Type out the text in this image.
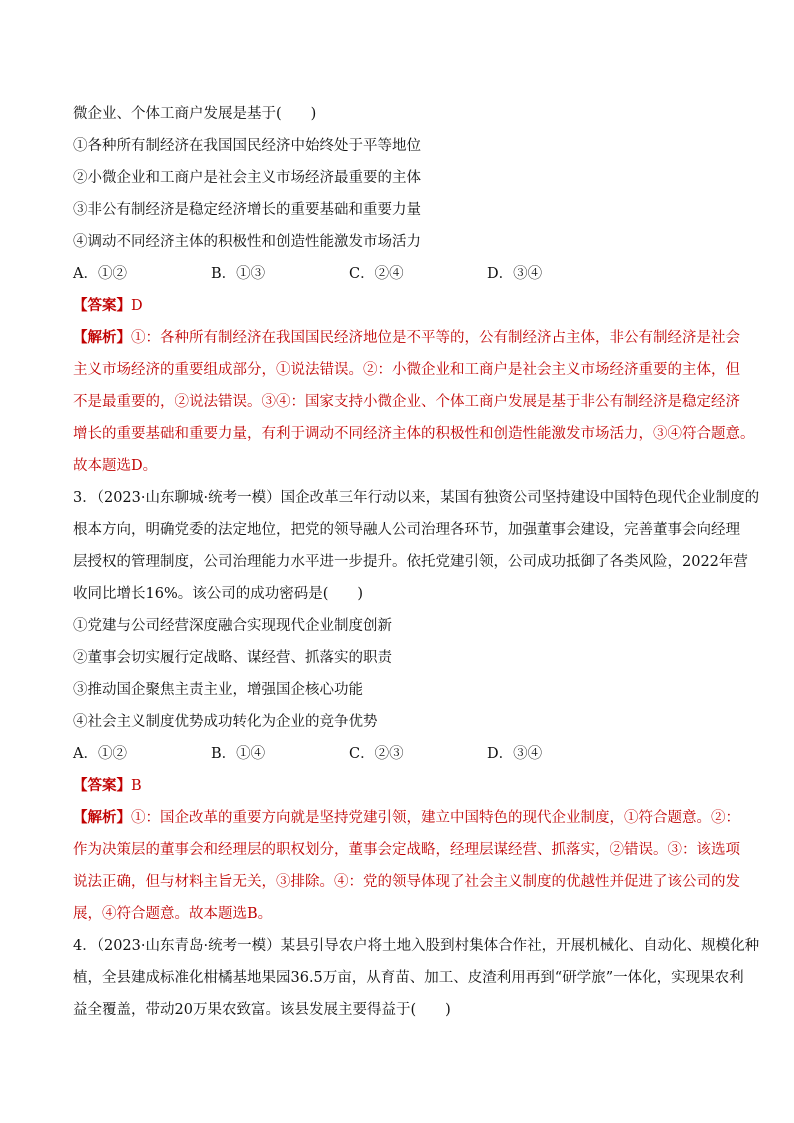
微企业、个体工商户发展是基于(　　)
①各种所有制经济在我国国民经济中始终处于平等地位
②小微企业和工商户是社会主义市场经济最重要的主体
③非公有制经济是稳定经济增长的重要基础和重要力量
④调动不同经济主体的积极性和创造性能激发市场活力
A．①②	B．①③	C．②④	D．③④
【答案】D
【解析】①：各种所有制经济在我国国民经济地位是不平等的，公有制经济占主体，非公有制经济是社会
主义市场经济的重要组成部分，①说法错误。②：小微企业和工商户是社会主义市场经济重要的主体，但
不是最重要的，②说法错误。③④：国家支持小微企业、个体工商户发展是基于非公有制经济是稳定经济
增长的重要基础和重要力量，有利于调动不同经济主体的积极性和创造性能激发市场活力，③④符合题意。
故本题选D。
3．（2023·山东聊城·统考一模）国企改革三年行动以来，某国有独资公司坚持建设中国特色现代企业制度的
根本方向，明确党委的法定地位，把党的领导融人公司治理各环节，加强董事会建设，完善董事会向经理
层授权的管理制度，公司治理能力水平进一步提升。依托党建引领，公司成功抵御了各类风险，2022年营
收同比增长16%。该公司的成功密码是(　　)
①党建与公司经营深度融合实现现代企业制度创新
②董事会切实履行定战略、谋经营、抓落实的职责
③推动国企聚焦主责主业，增强国企核心功能
④社会主义制度优势成功转化为企业的竞争优势
A．①②	B．①④	C．②③	D．③④
【答案】B
【解析】①：国企改革的重要方向就是坚持党建引领，建立中国特色的现代企业制度，①符合题意。②：
作为决策层的董事会和经理层的职权划分，董事会定战略，经理层谋经营、抓落实，②错误。③：该选项
说法正确，但与材料主旨无关，③排除。④：党的领导体现了社会主义制度的优越性并促进了该公司的发
展，④符合题意。故本题选B。
4．（2023·山东青岛·统考一模）某县引导农户将土地入股到村集体合作社，开展机械化、自动化、规模化种
植，全县建成标准化柑橘基地果园36.5万亩，从育苗、加工、皮渣利用再到“研学旅”一体化，实现果农利
益全覆盖，带动20万果农致富。该县发展主要得益于(　　)
